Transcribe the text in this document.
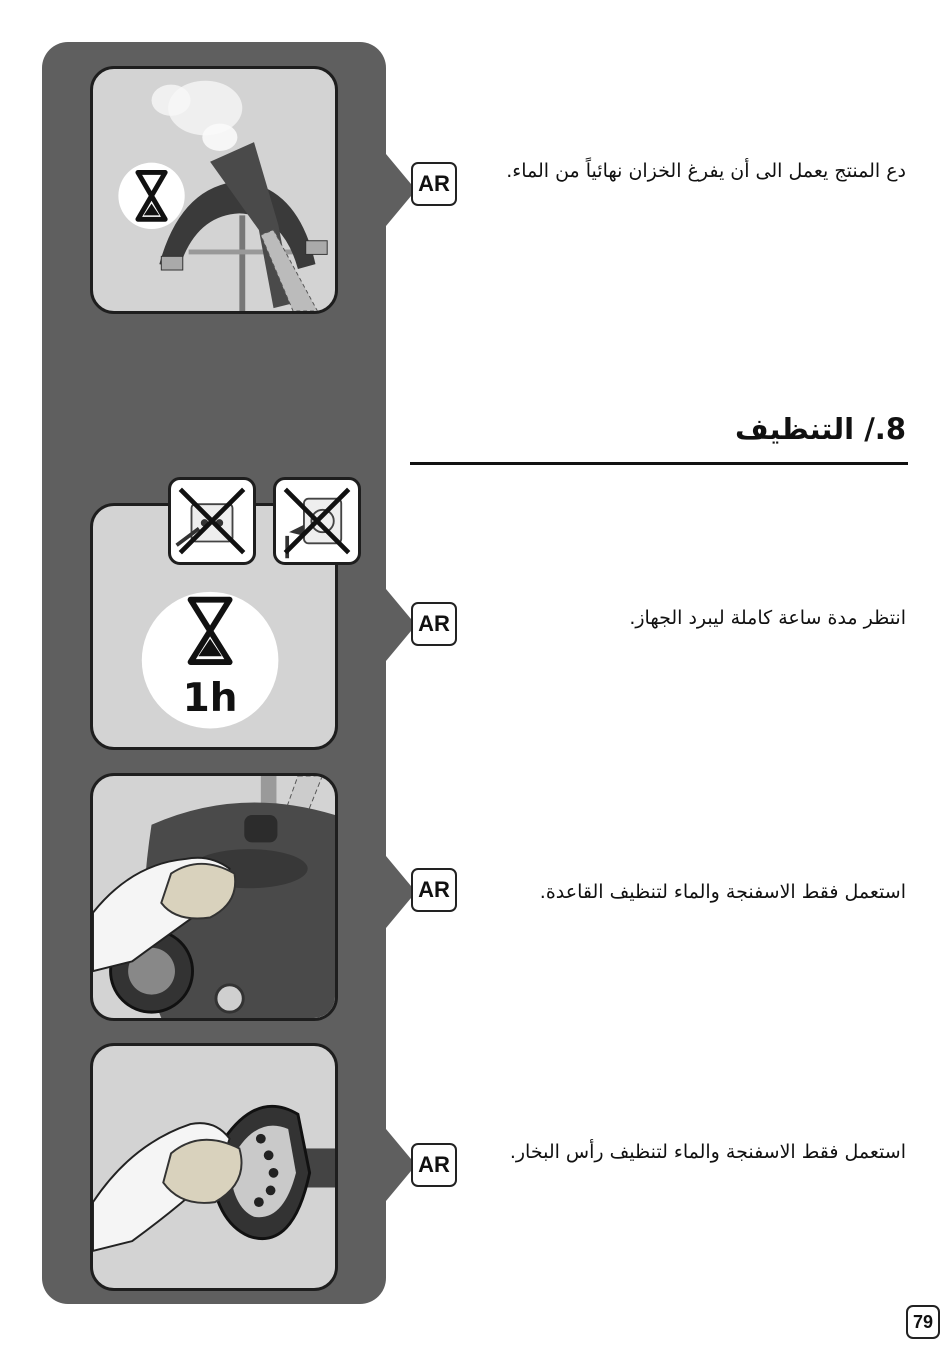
1h
AR	دع المنتج يعمل الى أن يفرغ الخزان نهائياً من الماء.
8./ التنظيف
AR	انتظر مدة ساعة كاملة ليبرد الجهاز.
AR	استعمل فقط الاسفنجة والماء لتنظيف القاعدة.
AR	استعمل فقط الاسفنجة والماء لتنظيف رأس البخار.
79
